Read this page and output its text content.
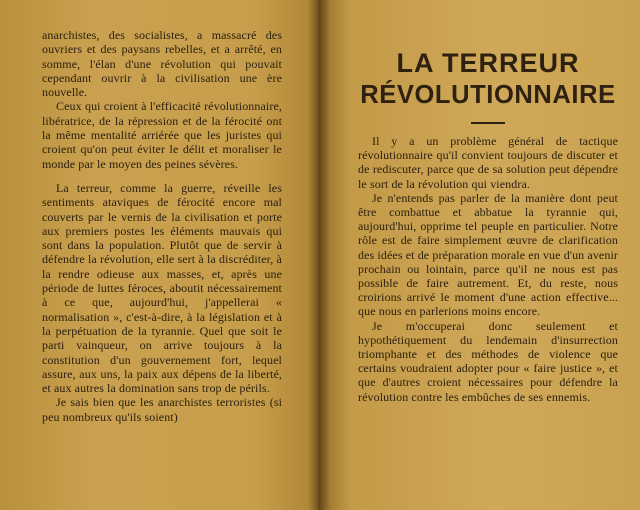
anarchistes, des socialistes, a massacré des ouvriers et des paysans rebelles, et a arrêté, en somme, l'élan d'une révolution qui pouvait cependant ouvrir à la civilisation une ère nouvelle.

Ceux qui croient à l'efficacité révolutionnaire, libératrice, de la répression et de la férocité ont la même mentalité arriérée que les juristes qui croient qu'on peut éviter le délit et moraliser le monde par le moyen des peines sévères.

La terreur, comme la guerre, réveille les sentiments ataviques de férocité encore mal couverts par le vernis de la civilisation et porte aux premiers postes les éléments mauvais qui sont dans la population. Plutôt que de servir à défendre la révolution, elle sert à la discréditer, à la rendre odieuse aux masses, et, après une période de luttes féroces, aboutit nécessairement à ce que, aujourd'hui, j'appellerai « normalisation », c'est-à-dire, à la législation et à la perpétuation de la tyrannie. Quel que soit le parti vainqueur, on arrive toujours à la constitution d'un gouvernement fort, lequel assure, aux uns, la paix aux dépens de la liberté, et aux autres la domination sans trop de périls.

Je sais bien que les anarchistes terroristes (si peu nombreux qu'ils soient)

LA TERREUR
RÉVOLUTIONNAIRE

Il y a un problème général de tactique révolutionnaire qu'il convient toujours de discuter et de rediscuter, parce que de sa solution peut dépendre le sort de la révolution qui viendra.

Je n'entends pas parler de la manière dont peut être combattue et abbatue la tyrannie qui, aujourd'hui, opprime tel peuple en particulier. Notre rôle est de faire simplement œuvre de clarification des idées et de préparation morale en vue d'un avenir prochain ou lointain, parce qu'il ne nous est pas possible de faire autrement. Et, du reste, nous croirions arrivé le moment d'une action effective... que nous en parlerions moins encore.

Je m'occuperai donc seulement et hypothétiquement du lendemain d'insurrection triomphante et des méthodes de violence que certains voudraient adopter pour « faire justice », et que d'autres croient nécessaires pour défendre la révolution contre les embûches de ses ennemis.
